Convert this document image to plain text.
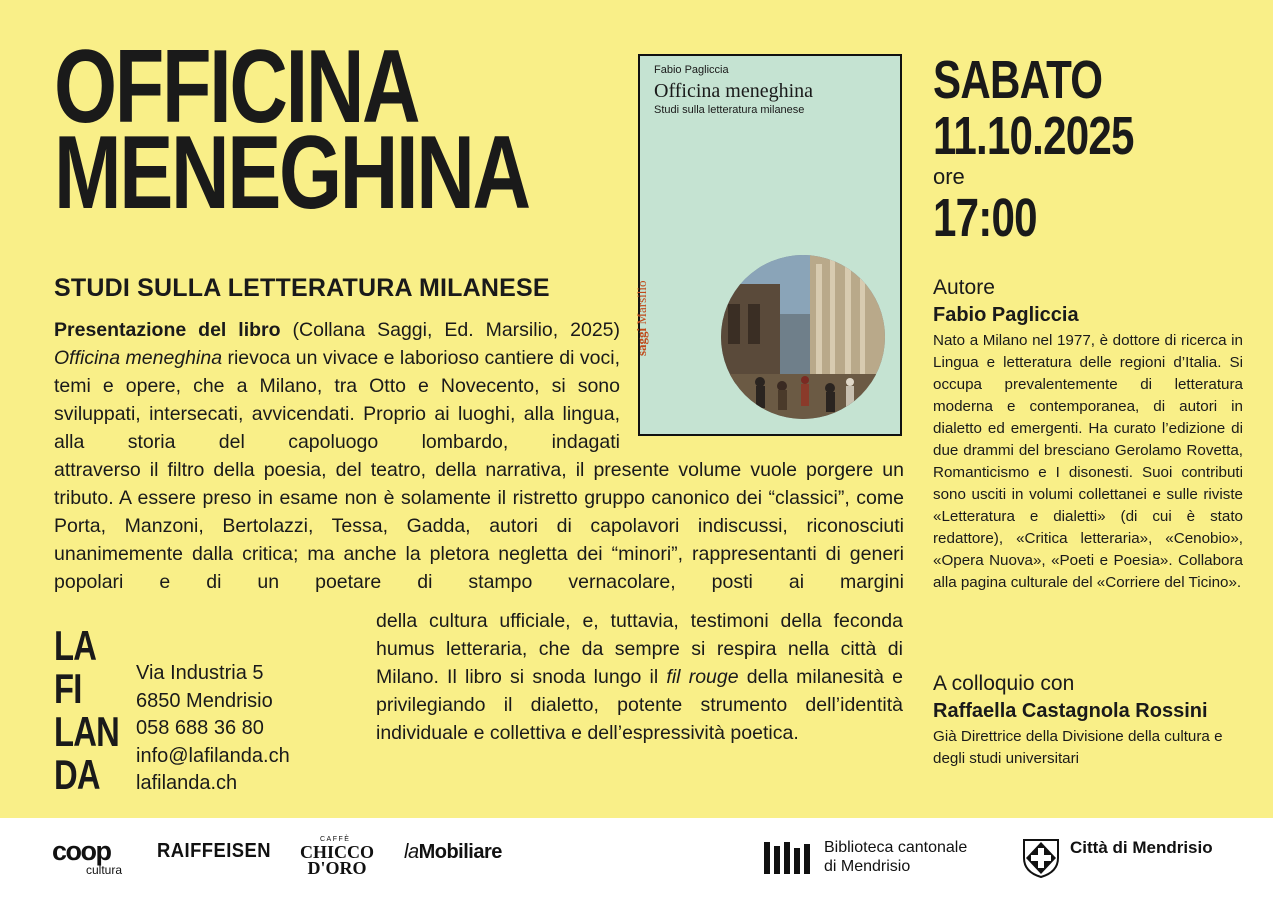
OFFICINA
MENEGHINA
STUDI SULLA LETTERATURA MILANESE
Presentazione del libro (Collana Saggi, Ed. Marsilio, 2025) Officina meneghina rievoca un vivace e laborioso cantiere di voci, temi e opere, che a Milano, tra Otto e Novecento, si sono sviluppati, intersecati, avvicendati. Proprio ai luoghi, alla lingua, alla storia del capoluogo lombardo, indagati
attraverso il filtro della poesia, del teatro, della narrativa, il presente volume vuole porgere un tributo. A essere preso in esame non è solamente il ristretto gruppo canonico dei “classici”, come Porta, Manzoni, Bertolazzi, Tessa, Gadda, autori di capolavori indiscussi, riconosciuti unanimemente dalla critica; ma anche la pletora negletta dei “minori”, rappresentanti di generi popolari e di un poetare di stampo vernacolare, posti ai margini
della cultura ufficiale, e, tuttavia, testimoni della feconda humus letteraria, che da sempre si respira nella città di Milano. Il libro si snoda lungo il fil rouge della milanesità e privilegiando il dialetto, potente strumento dell’identità individuale e collettiva e dell’espressività poetica.
Fabio Pagliccia
Officina meneghina
Studi sulla letteratura milanese
saggi Marsilio
SABATO
11.10.2025
ore
17:00
Autore
Fabio Pagliccia
Nato a Milano nel 1977, è dottore di ricerca in Lingua e letteratura delle regioni d’Italia. Si occupa prevalentemente di letteratura moderna e contemporanea, di autori in dialetto ed emergenti. Ha curato l’edizione di due drammi del bresciano Gerolamo Rovetta, Romanticismo e I disonesti. Suoi contributi sono usciti in volumi collettanei e sulle riviste «Letteratura e dialetti» (di cui è stato redattore), «Critica letteraria», «Cenobio», «Opera Nuova», «Poeti e Poesia». Collabora alla pagina culturale del «Corriere del Ticino».
A colloquio con
Raffaella Castagnola Rossini
Già Direttrice della Divisione della cultura e degli studi universitari
LA
FI
LAN
DA
Via Industria 5
6850 Mendrisio
058 688 36 80
info@lafilanda.ch
lafilanda.ch
coop
cultura
RAIFFEISEN
CAFFÈ
CHICCO
D'ORO
laMobiliare	Biblioteca cantonale
di Mendrisio
Città di Mendrisio
